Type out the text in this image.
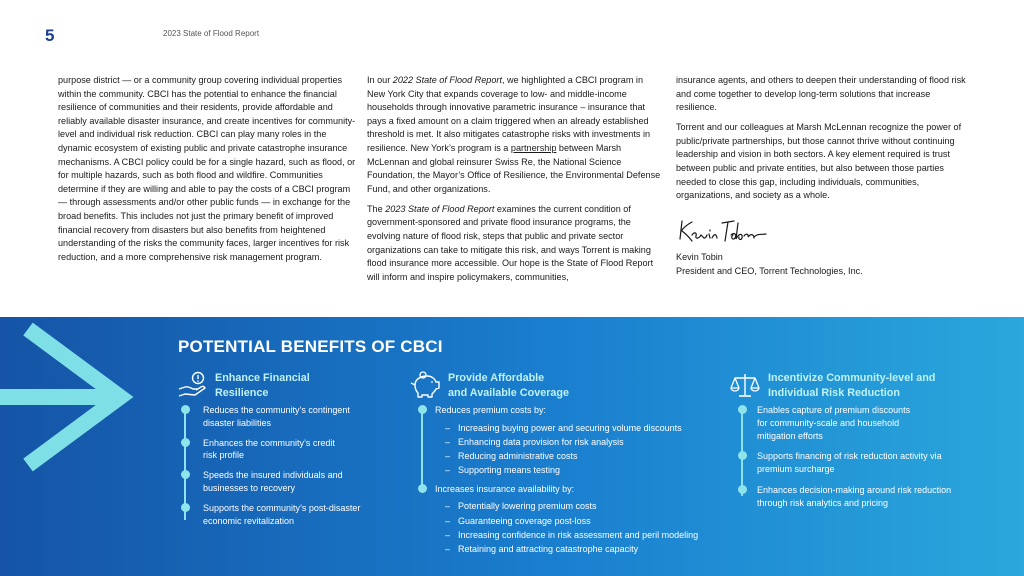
5	2023 State of Flood Report

purpose district — or a community group covering individual properties within the community. CBCI has the potential to enhance the financial resilience of communities and their residents, provide affordable and reliably available disaster insurance, and create incentives for community-level and individual risk reduction. CBCI can play many roles in the dynamic ecosystem of existing public and private catastrophe insurance mechanisms. A CBCI policy could be for a single hazard, such as flood, or for multiple hazards, such as both flood and wildfire. Communities determine if they are willing and able to pay the costs of a CBCI program — through assessments and/or other public funds — in exchange for the broad benefits. This includes not just the primary benefit of improved financial recovery from disasters but also benefits from heightened understanding of the risks the community faces, larger incentives for risk reduction, and a more comprehensive risk management program.

In our 2022 State of Flood Report, we highlighted a CBCI program in New York City that expands coverage to low- and middle-income households through innovative parametric insurance – insurance that pays a fixed amount on a claim triggered when an already established threshold is met. It also mitigates catastrophe risks with investments in resilience. New York’s program is a partnership between Marsh McLennan and global reinsurer Swiss Re, the National Science Foundation, the Mayor’s Office of Resilience, the Environmental Defense Fund, and other organizations.

The 2023 State of Flood Report examines the current condition of government-sponsored and private flood insurance programs, the evolving nature of flood risk, steps that public and private sector organizations can take to mitigate this risk, and ways Torrent is making flood insurance more accessible. Our hope is the State of Flood Report will inform and inspire policymakers, communities,

insurance agents, and others to deepen their understanding of flood risk and come together to develop long-term solutions that increase resilience.

Torrent and our colleagues at Marsh McLennan recognize the power of public/private partnerships, but those cannot thrive without continuing leadership and vision in both sectors. A key element required is trust between public and private entities, but also between those parties needed to close this gap, including individuals, communities, organizations, and society as a whole.

Kevin Tobin
President and CEO, Torrent Technologies, Inc.
POTENTIAL BENEFITS OF CBCI
Enhance Financial
Resilience
Reduces the community’s contingent
disaster liabilities
Enhances the community’s credit
risk profile
Speeds the insured individuals and
businesses to recovery
Supports the community’s post-disaster
economic revitalization
Provide Affordable
and Available Coverage
Reduces premium costs by:
– Increasing buying power and securing volume discounts
– Enhancing data provision for risk analysis
– Reducing administrative costs
– Supporting means testing
Increases insurance availability by:
– Potentially lowering premium costs
– Guaranteeing coverage post-loss
– Increasing confidence in risk assessment and peril modeling
– Retaining and attracting catastrophe capacity
Incentivize Community-level and
Individual Risk Reduction
Enables capture of premium discounts
for community-scale and household
mitigation efforts
Supports financing of risk reduction activity via
premium surcharge
Enhances decision-making around risk reduction
through risk analytics and pricing
